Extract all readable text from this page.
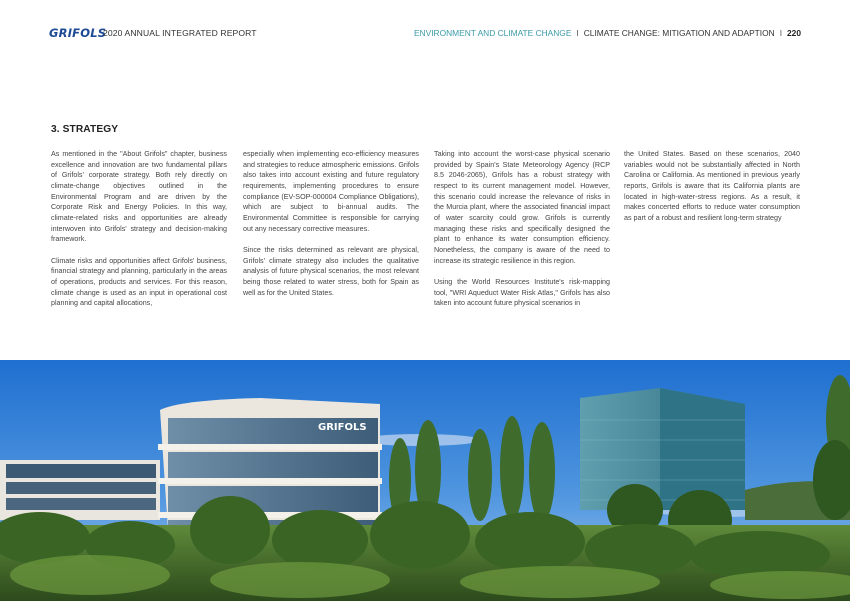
GRIFOLS
2020 ANNUAL INTEGRATED REPORT	ENVIRONMENT AND CLIMATE CHANGE I CLIMATE CHANGE: MITIGATION AND ADAPTION I 220
3. STRATEGY

As mentioned in the "About Grifols" chapter, business excellence and innovation are two fundamental pillars of Grifols' corporate strategy. Both rely directly on climate-change objectives outlined in the Environmental Program and are driven by the Corporate Risk and Energy Policies. In this way, climate-related risks and opportunities are already interwoven into Grifols' strategy and decision-making framework.

Climate risks and opportunities affect Grifols' business, financial strategy and planning, particularly in the areas of operations, products and services. For this reason, climate change is used as an input in operational cost planning and capital allocations,

especially when implementing eco-efficiency measures and strategies to reduce atmospheric emissions. Grifols also takes into account existing and future regulatory requirements, implementing procedures to ensure compliance (EV-SOP-000004 Compliance Obligations), which are subject to bi-annual audits. The Environmental Committee is responsible for carrying out any necessary corrective measures.

Since the risks determined as relevant are physical, Grifols' climate strategy also includes the qualitative analysis of future physical scenarios, the most relevant being those related to water stress, both for Spain as well as for the United States.

Taking into account the worst-case physical scenario provided by Spain's State Meteorology Agency (RCP 8.5 2046-2065), Grifols has a robust strategy with respect to its current management model. However, this scenario could increase the relevance of risks in the Murcia plant, where the associated financial impact of water scarcity could grow. Grifols is currently managing these risks and specifically designed the plant to enhance its water consumption efficiency. Nonetheless, the company is aware of the need to increase its strategic resilience in this region.

Using the World Resources Institute's risk-mapping tool, "WRI Aqueduct Water Risk Atlas," Grifols has also taken into account future physical scenarios in

the United States. Based on these scenarios, 2040 variables would not be substantially affected in North Carolina or California. As mentioned in previous yearly reports, Grifols is aware that its California plants are located in high-water-stress regions. As a result, it makes concerted efforts to reduce water consumption as part of a robust and resilient long-term strategy

GRIFOLS
